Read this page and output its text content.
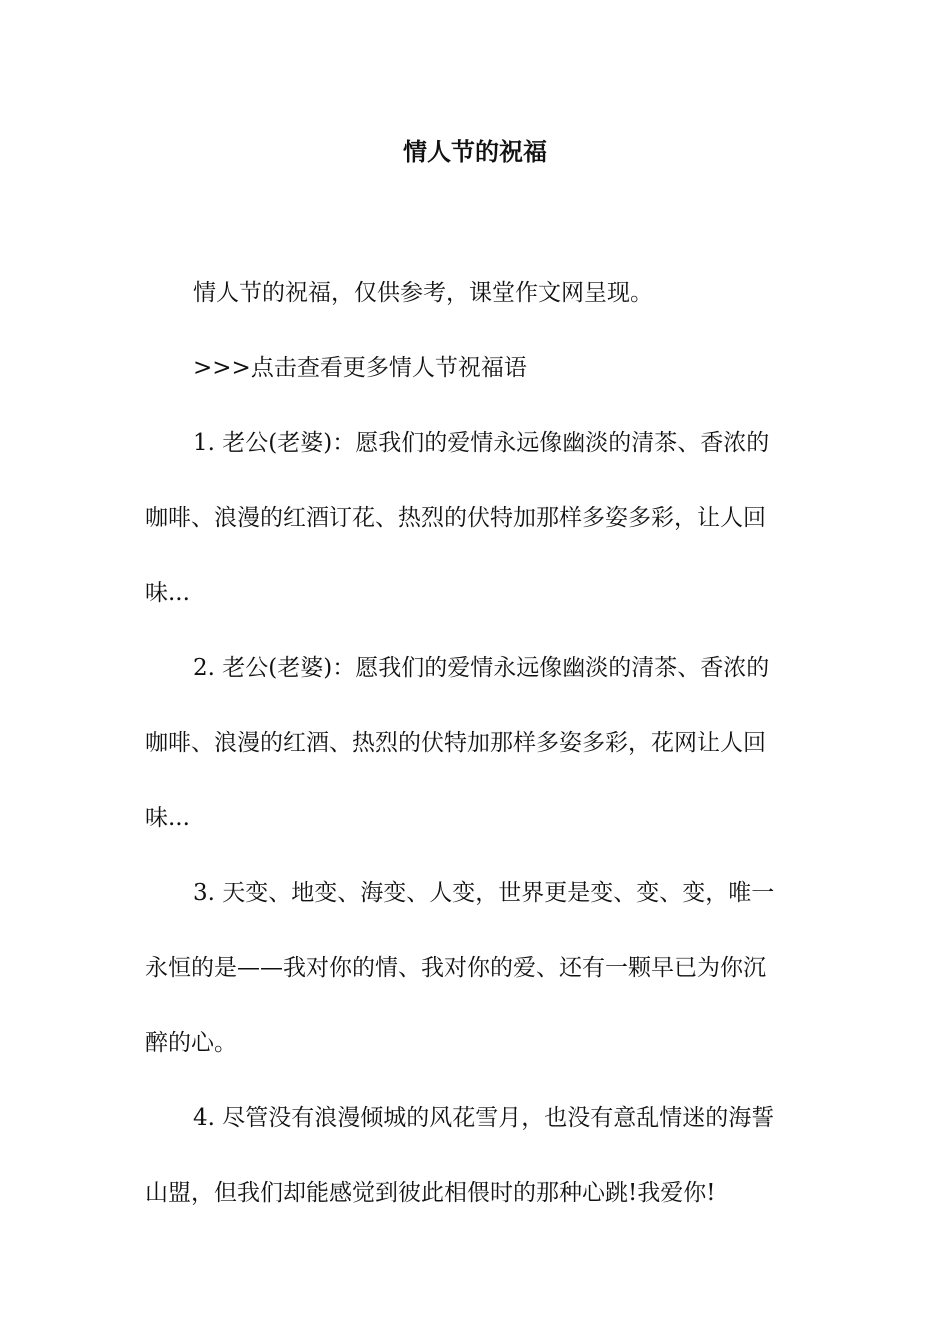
情人节的祝福
情人节的祝福，仅供参考，课堂作文网呈现。
>>>点击查看更多情人节祝福语
1. 老公(老婆)：愿我们的爱情永远像幽淡的清茶、香浓的
咖啡、浪漫的红酒订花、热烈的伏特加那样多姿多彩，让人回
味...
2. 老公(老婆)：愿我们的爱情永远像幽淡的清茶、香浓的
咖啡、浪漫的红酒、热烈的伏特加那样多姿多彩，花网让人回
味...
3. 天变、地变、海变、人变，世界更是变、变、变，唯一
永恒的是——我对你的情、我对你的爱、还有一颗早已为你沉
醉的心。
4. 尽管没有浪漫倾城的风花雪月，也没有意乱情迷的海誓
山盟，但我们却能感觉到彼此相偎时的那种心跳!我爱你!
